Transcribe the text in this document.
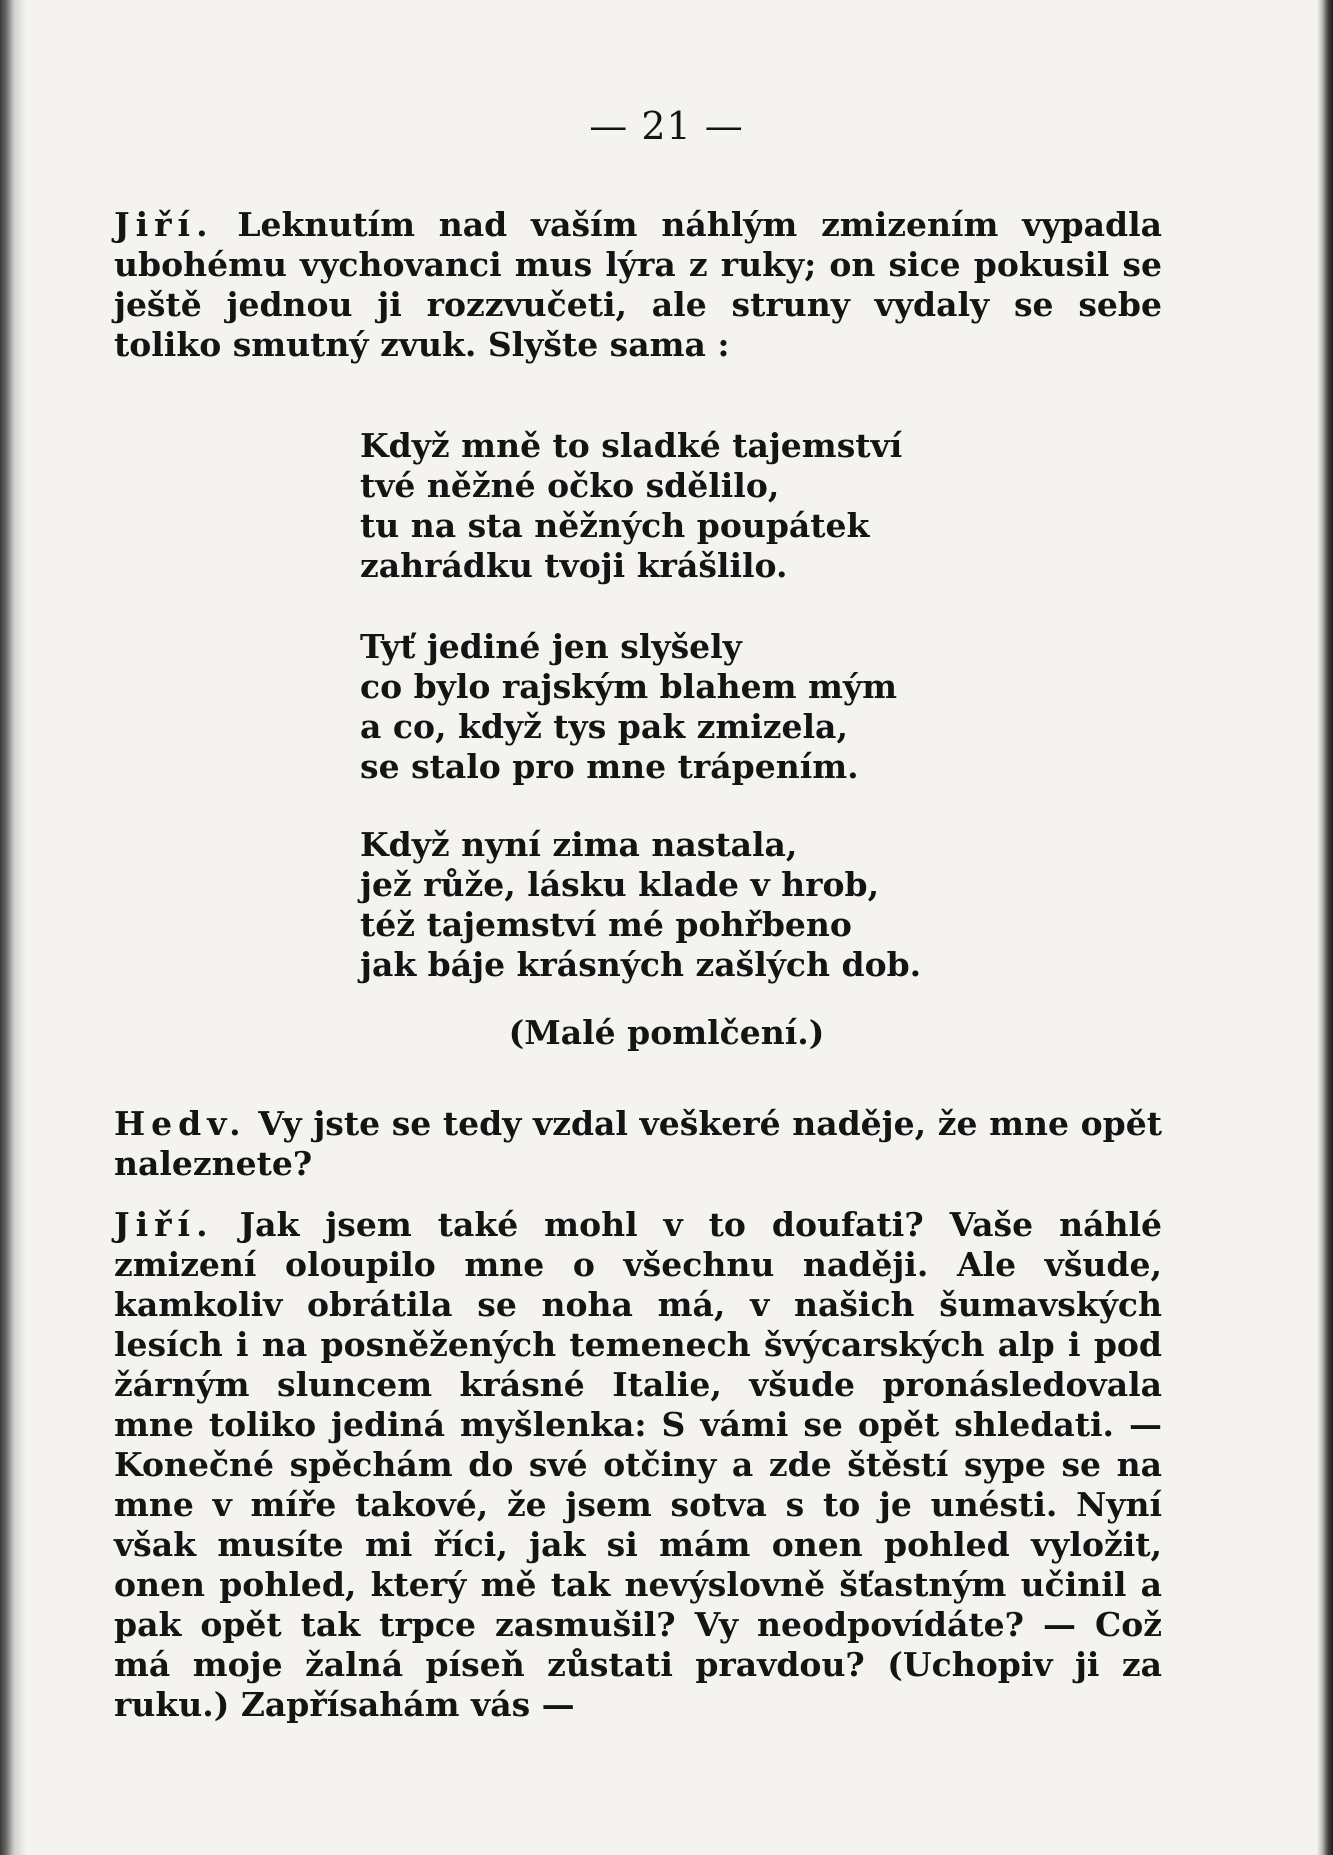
— 21 —

Jiří. Leknutím nad vaším náhlým zmizením vypadla ubohému vychovanci mus lýra z ruky; on sice pokusil se ještě jednou ji rozzvučeti, ale struny vydaly se sebe toliko smutný zvuk. Slyšte sama :

Když mně to sladké tajemství
tvé něžné očko sdělilo,
tu na sta něžných poupátek
zahrádku tvoji krášlilo.
Tyť jediné jen slyšely
co bylo rajským blahem mým
a co, když tys pak zmizela,
se stalo pro mne trápením.
Když nyní zima nastala,
jež růže, lásku klade v hrob,
též tajemství mé pohřbeno
jak báje krásných zašlých dob.
(Malé pomlčení.)

Hedv. Vy jste se tedy vzdal veškeré naděje, že mne opět naleznete?

Jiří. Jak jsem také mohl v to doufati? Vaše náhlé zmizení oloupilo mne o všechnu naději. Ale všude, kamkoliv obrátila se noha má, v našich šumavských lesích i na posněžených temenech švýcarských alp i pod žárným sluncem krásné Italie, všude pronásledovala mne toliko jediná myšlenka: S vámi se opět shledati. — Konečné spěchám do své otčiny a zde štěstí sype se na mne v míře takové, že jsem sotva s to je unésti. Nyní však musíte mi říci, jak si mám onen pohled vyložit, onen pohled, který mě tak nevýslovně šťastným učinil a pak opět tak trpce zasmušil? Vy neodpovídáte? — Což má moje žalná píseň zůstati pravdou? (Uchopiv ji za ruku.) Zapřísahám vás —
